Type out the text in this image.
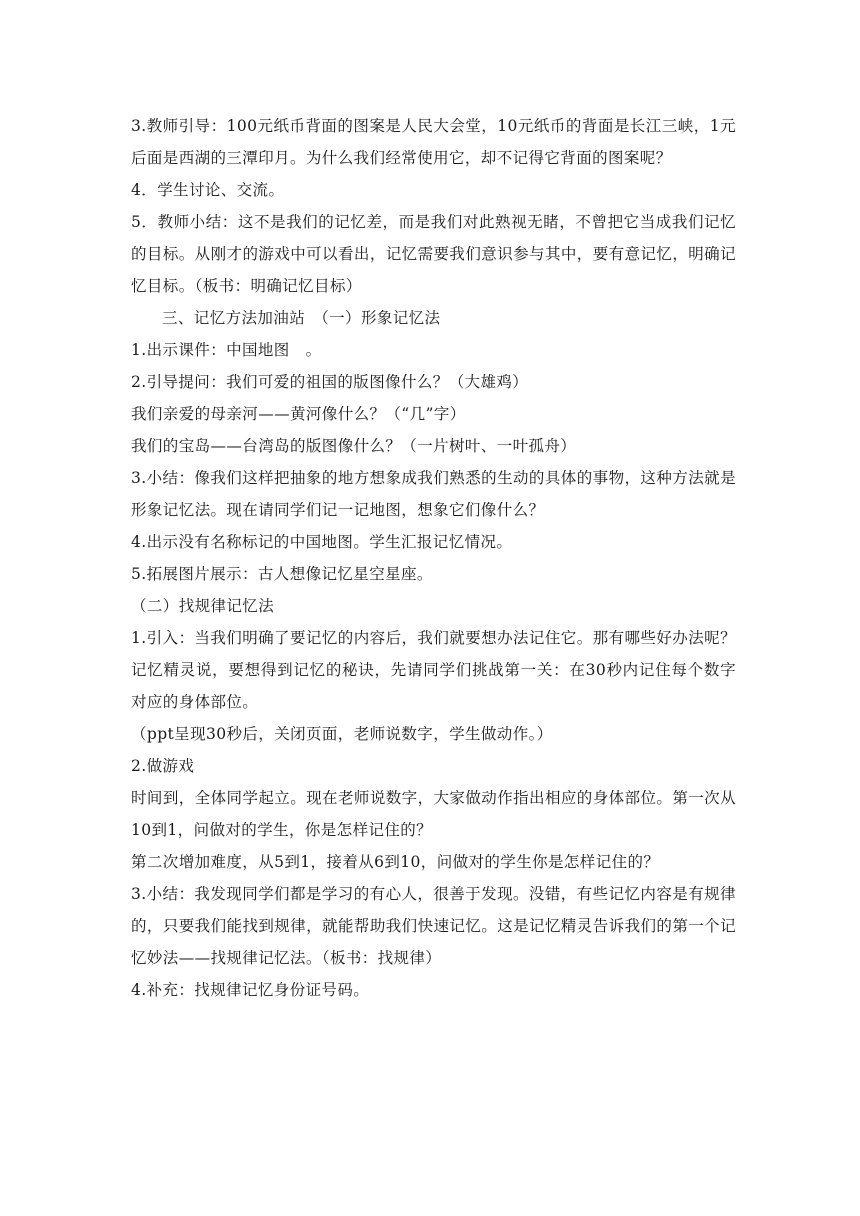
3.教师引导：100元纸币背面的图案是人民大会堂，10元纸币的背面是长江三峡，1元后面是西湖的三潭印月。为什么我们经常使用它，却不记得它背面的图案呢？

4．学生讨论、交流。

5．教师小结：这不是我们的记忆差，而是我们对此熟视无睹，不曾把它当成我们记忆的目标。从刚才的游戏中可以看出，记忆需要我们意识参与其中，要有意记忆，明确记忆目标。（板书：明确记忆目标）

三、记忆方法加油站　（一）形象记忆法

1.出示课件：中国地图　。

2.引导提问：我们可爱的祖国的版图像什么？（大雄鸡）

我们亲爱的母亲河——黄河像什么？（“几”字）

我们的宝岛——台湾岛的版图像什么？（一片树叶、一叶孤舟）

3.小结：像我们这样把抽象的地方想象成我们熟悉的生动的具体的事物，这种方法就是形象记忆法。现在请同学们记一记地图，想象它们像什么？

4.出示没有名称标记的中国地图。学生汇报记忆情况。

5.拓展图片展示：古人想像记忆星空星座。

（二）找规律记忆法

1.引入：当我们明确了要记忆的内容后，我们就要想办法记住它。那有哪些好办法呢？记忆精灵说，要想得到记忆的秘诀，先请同学们挑战第一关：在30秒内记住每个数字对应的身体部位。

（ppt呈现30秒后，关闭页面，老师说数字，学生做动作。）

2.做游戏

时间到，全体同学起立。现在老师说数字，大家做动作指出相应的身体部位。第一次从10到1，问做对的学生，你是怎样记住的？

第二次增加难度，从5到1，接着从6到10，问做对的学生你是怎样记住的？

3.小结：我发现同学们都是学习的有心人，很善于发现。没错，有些记忆内容是有规律的，只要我们能找到规律，就能帮助我们快速记忆。这是记忆精灵告诉我们的第一个记忆妙法——找规律记忆法。（板书：找规律）

4.补充：找规律记忆身份证号码。
